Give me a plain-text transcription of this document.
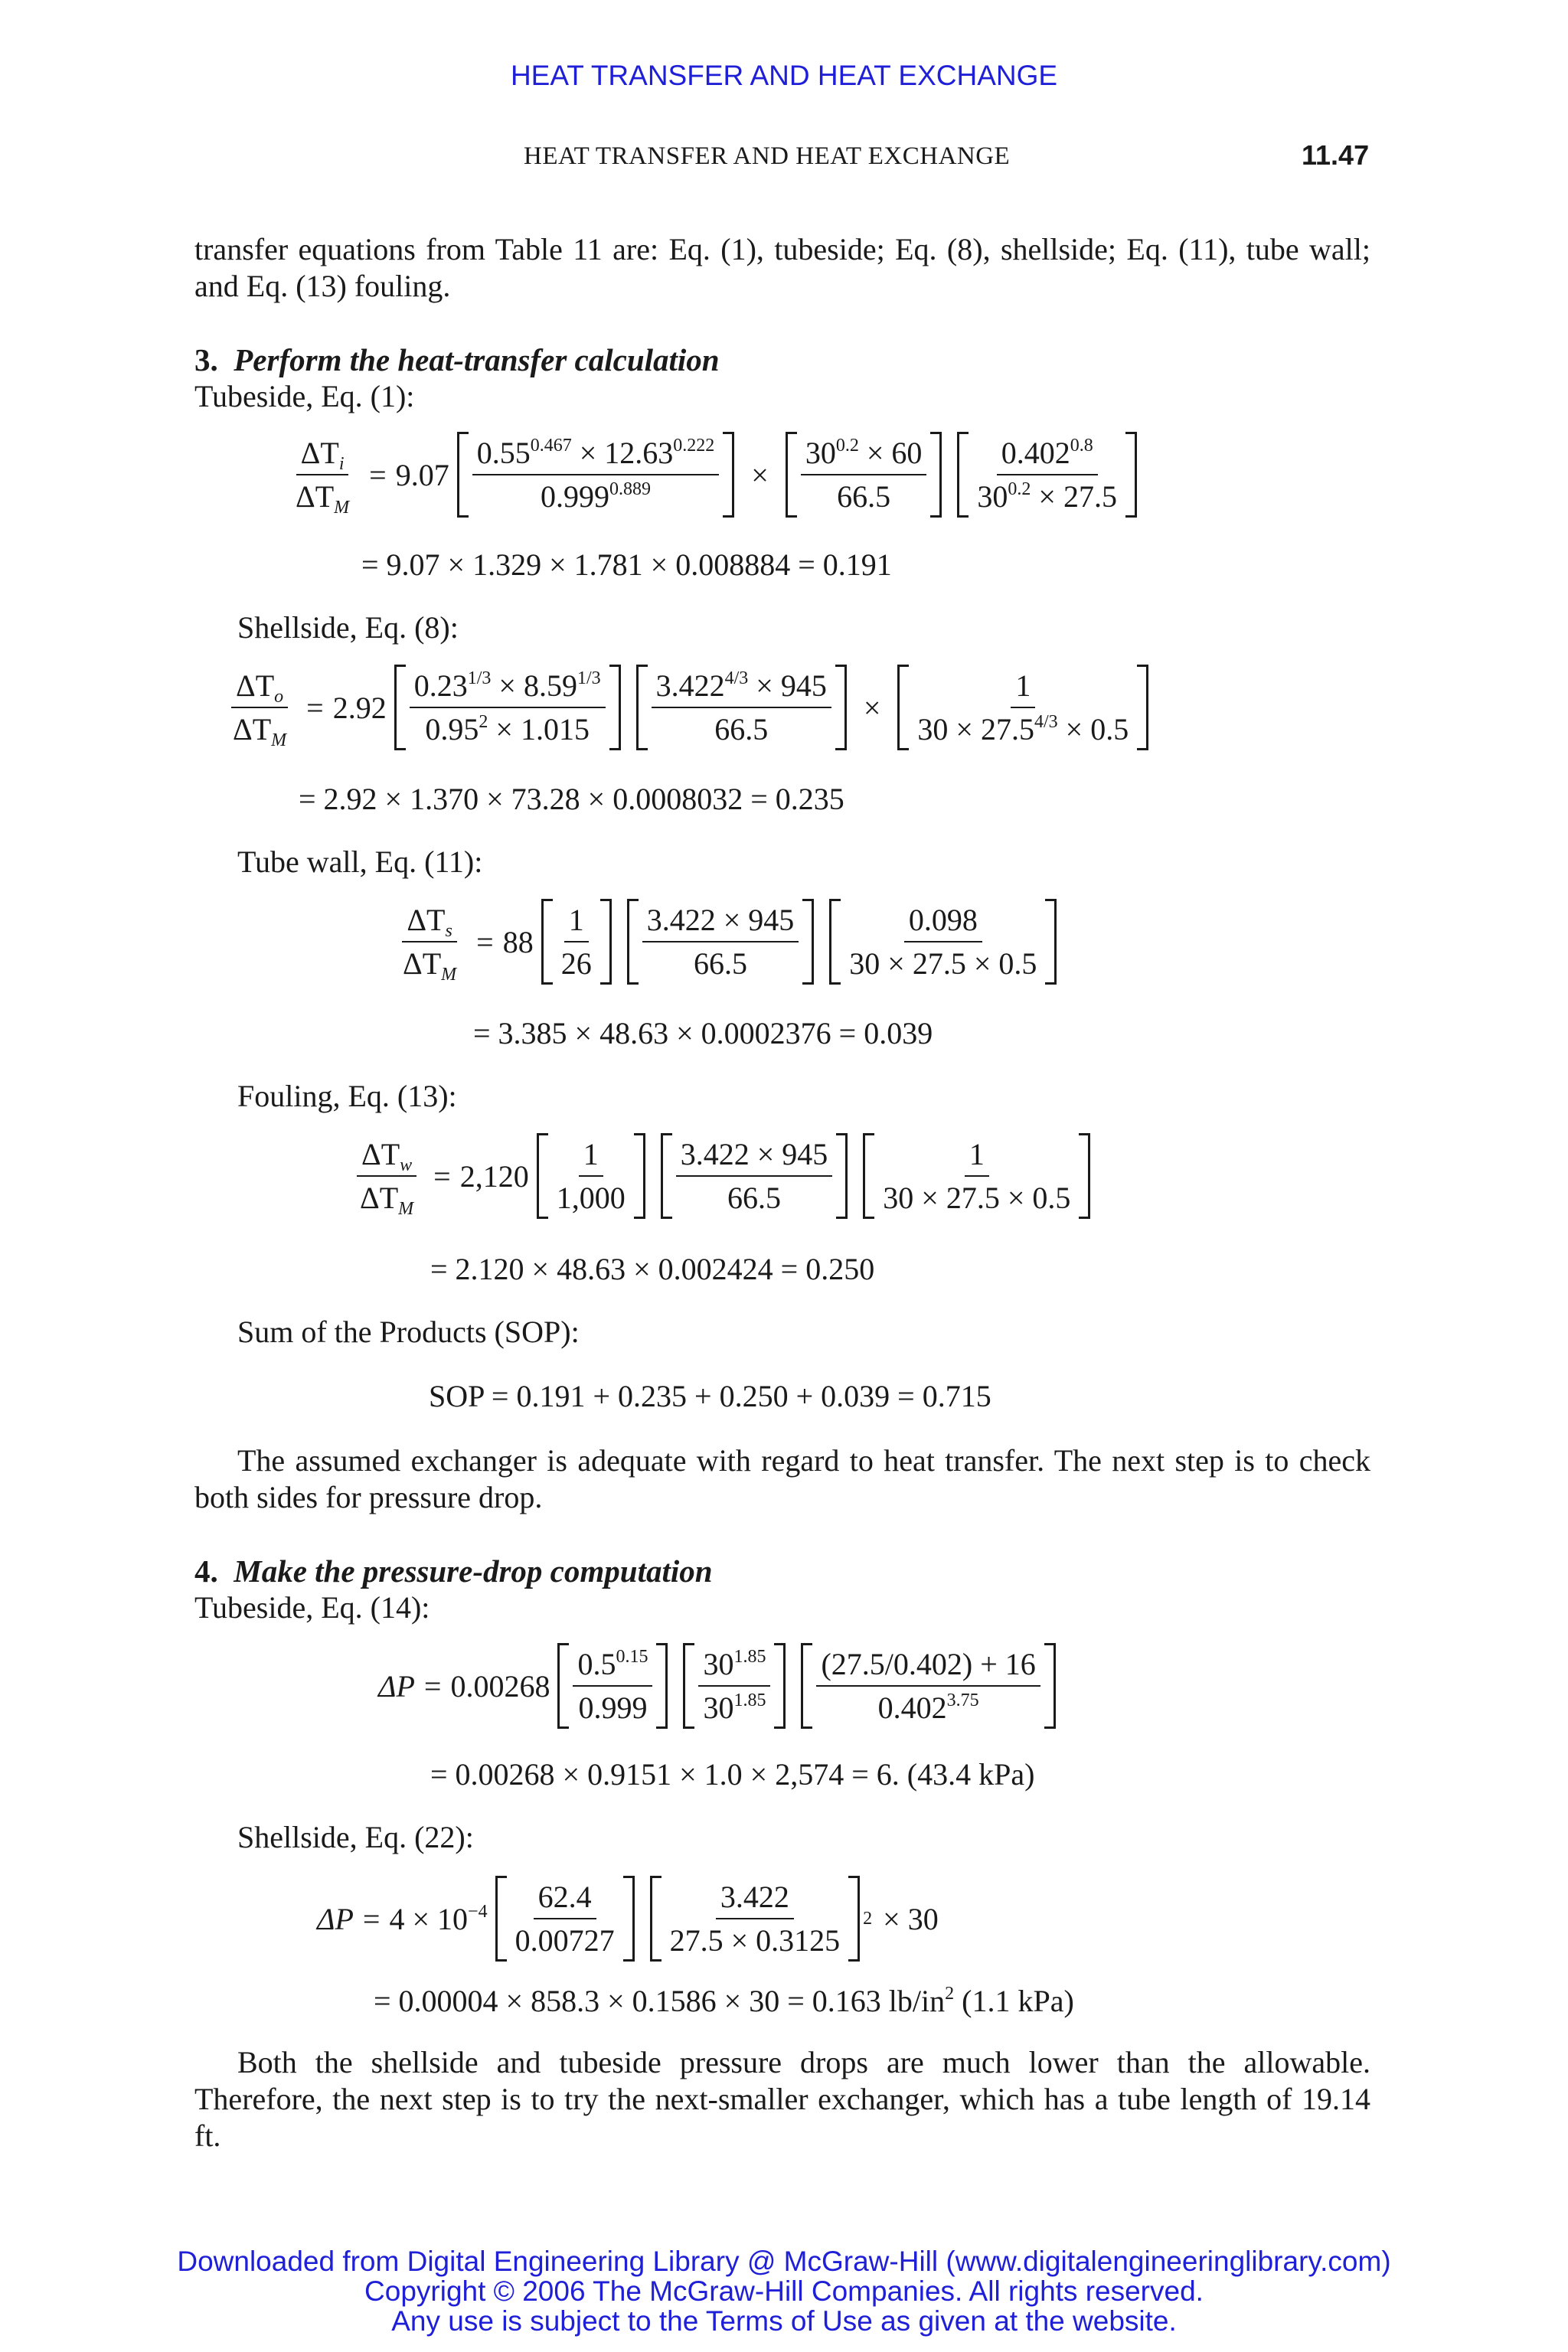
HEAT TRANSFER AND HEAT EXCHANGE
HEAT TRANSFER AND HEAT EXCHANGE	11.47
transfer equations from Table 11 are: Eq. (1), tubeside; Eq. (8), shellside; Eq. (11), tube wall; and Eq. (13) fouling.
3. Perform the heat-transfer calculation
Tubeside, Eq. (1):
$\frac{\Delta T_i}{\Delta T_M} = 9.07 \frac{0.55^{0.467} \times 12.63^{0.222}}{0.999^{0.889}} \times \frac{30^{0.2} \times 60}{66.5} \frac{0.402^{0.8}}{30^{0.2} \times 27.5}$
= 9.07 × 1.329 × 1.781 × 0.008884 = 0.191
Shellside, Eq. (8):
$\frac{\Delta T_o}{\Delta T_M} = 2.92 \frac{0.23^{1/3} \times 8.59^{1/3}}{0.95^2 \times 1.015} \frac{3.422^{4/3} \times 945}{66.5} \times \frac{1}{30 \times 27.5^{4/3} \times 0.5}$
= 2.92 × 1.370 × 73.28 × 0.0008032 = 0.235
Tube wall, Eq. (11):
$\frac{\Delta T_s}{\Delta T_M} = 88 \frac{1}{26} \frac{3.422 \times 945}{66.5} \frac{0.098}{30 \times 27.5 \times 0.5}$
= 3.385 × 48.63 × 0.0002376 = 0.039
Fouling, Eq. (13):
$\frac{\Delta T_w}{\Delta T_M} = 2,120 \frac{1}{1,000} \frac{3.422 \times 945}{66.5} \frac{1}{30 \times 27.5 \times 0.5}$
= 2.120 × 48.63 × 0.002424 = 0.250
Sum of the Products (SOP):
SOP = 0.191 + 0.235 + 0.250 + 0.039 = 0.715
The assumed exchanger is adequate with regard to heat transfer. The next step is to check both sides for pressure drop.
4. Make the pressure-drop computation
Tubeside, Eq. (14):
$\Delta P = 0.00268 \frac{0.5^{0.15}}{0.999} \frac{30^{1.85}}{30^{1.85}} \frac{(27.5/0.402) + 16}{0.402^{3.75}}$
= 0.00268 × 0.9151 × 1.0 × 2,574 = 6. (43.4 kPa)
Shellside, Eq. (22):
$\Delta P = 4 \times 10^{-4} \frac{62.4}{0.00727} \frac{3.422}{27.5 \times 0.3125} 2 \times 30$
= 0.00004 × 858.3 × 0.1586 × 30 = 0.163 $lb/in^2$ (1.1 kPa)
Both the shellside and tubeside pressure drops are much lower than the allowable. Therefore, the next step is to try the next-smaller exchanger, which has a tube length of 19.14 ft.
Downloaded from Digital Engineering Library @ McGraw-Hill (www.digitalengineeringlibrary.com)
Copyright © 2006 The McGraw-Hill Companies. All rights reserved.
Any use is subject to the Terms of Use as given at the website.
